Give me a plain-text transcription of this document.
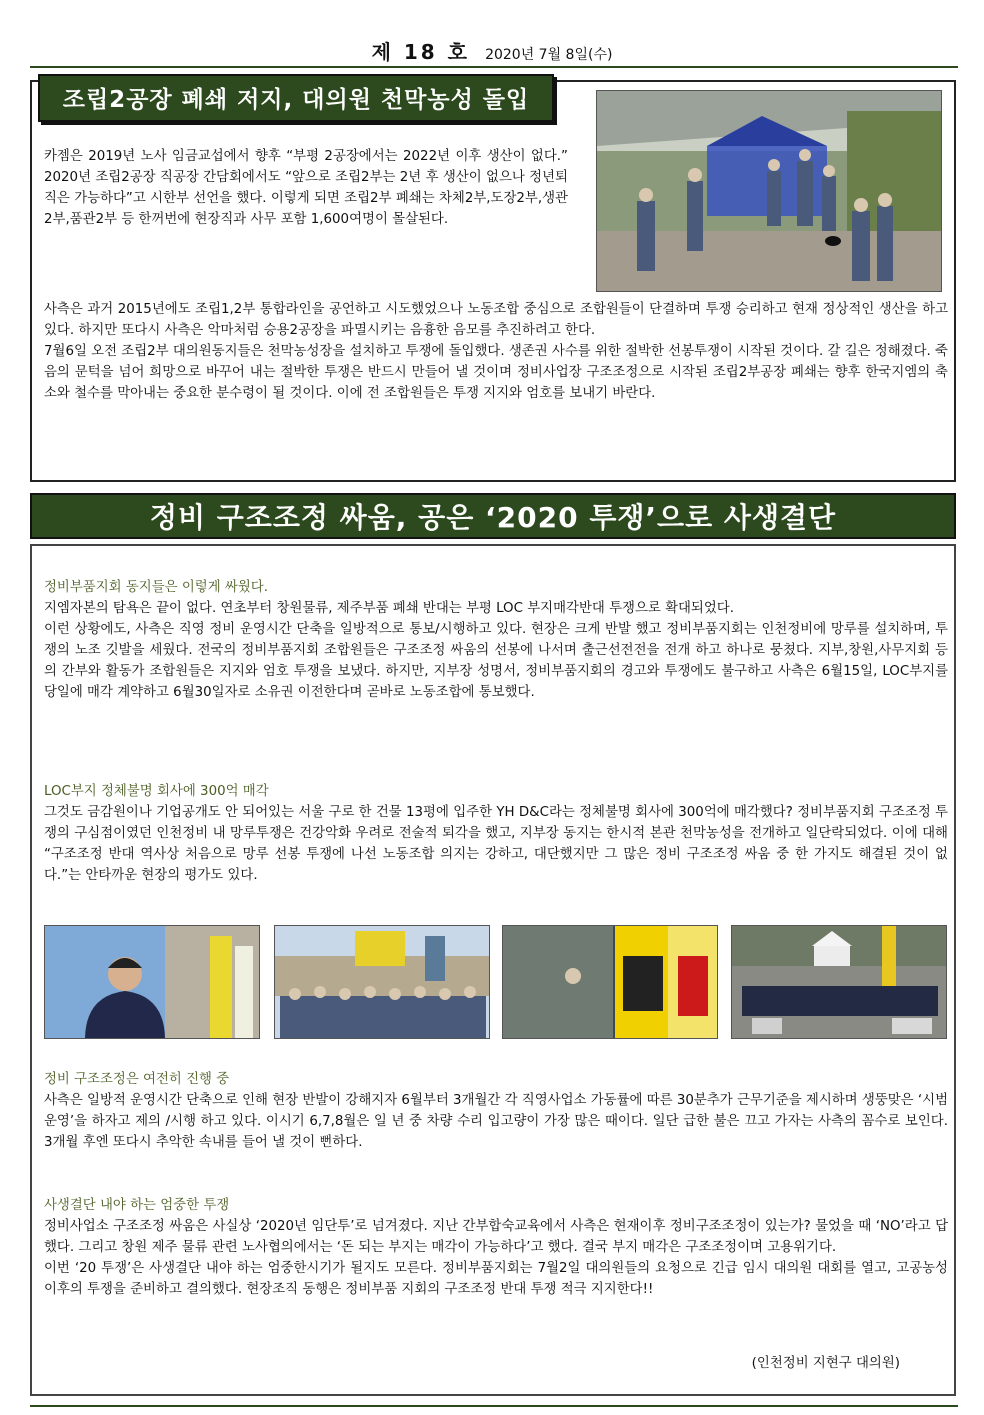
제 18 호 2020년 7월 8일(수)
조립2공장 폐쇄 저지, 대의원 천막농성 돌입
카젬은 2019년 노사 임금교섭에서 향후 “부평 2공장에서는 2022년 이후 생산이 없다.” 2020년 조립2공장 직공장 간담회에서도 “앞으로 조립2부는 2년 후 생산이 없으나 정년퇴직은 가능하다”고 시한부 선언을 했다. 이렇게 되면 조립2부 폐쇄는 차체2부,도장2부,생관2부,품관2부 등 한꺼번에 현장직과 사무 포함 1,600여명이 몰살된다.

사측은 과거 2015년에도 조립1,2부 통합라인을 공언하고 시도했었으나 노동조합 중심으로 조합원들이 단결하며 투쟁 승리하고 현재 정상적인 생산을 하고 있다. 하지만 또다시 사측은 악마처럼 승용2공장을 파멸시키는 음흉한 음모를 추진하려고 한다.

7월6일 오전 조립2부 대의원동지들은 천막농성장을 설치하고 투쟁에 돌입했다. 생존권 사수를 위한 절박한 선봉투쟁이 시작된 것이다. 갈 길은 정해졌다. 죽음의 문턱을 넘어 희망으로 바꾸어 내는 절박한 투쟁은 반드시 만들어 낼 것이며 정비사업장 구조조정으로 시작된 조립2부공장 폐쇄는 향후 한국지엠의 축소와 철수를 막아내는 중요한 분수령이 될 것이다. 이에 전 조합원들은 투쟁 지지와 엄호를 보내기 바란다.

정비 구조조정 싸움, 공은 ‘2020 투쟁’으로 사생결단
정비부품지회 동지들은 이렇게 싸웠다.

지엠자본의 탐욕은 끝이 없다. 연초부터 창원물류, 제주부품 폐쇄 반대는 부평 LOC 부지매각반대 투쟁으로 확대되었다.

이런 상황에도, 사측은 직영 정비 운영시간 단축을 일방적으로 통보/시행하고 있다. 현장은 크게 반발 했고 정비부품지회는 인천정비에 망루를 설치하며, 투쟁의 노조 깃발을 세웠다. 전국의 정비부품지회 조합원들은 구조조정 싸움의 선봉에 나서며 출근선전전을 전개 하고 하나로 뭉쳤다. 지부,창원,사무지회 등의 간부와 활동가 조합원들은 지지와 엄호 투쟁을 보냈다. 하지만, 지부장 성명서, 정비부품지회의 경고와 투쟁에도 불구하고 사측은 6월15일, LOC부지를 당일에 매각 계약하고 6월30일자로 소유권 이전한다며 곧바로 노동조합에 통보했다.

LOC부지 정체불명 회사에 300억 매각

그것도 금감원이나 기업공개도 안 되어있는 서울 구로 한 건물 13평에 입주한 YH D&C라는 정체불명 회사에 300억에 매각했다? 정비부품지회 구조조정 투쟁의 구심점이였던 인천정비 내 망루투쟁은 건강악화 우려로 전술적 퇴각을 했고, 지부장 동지는 한시적 본관 천막농성을 전개하고 일단락되었다. 이에 대해 “구조조정 반대 역사상 처음으로 망루 선봉 투쟁에 나선 노동조합 의지는 강하고, 대단했지만 그 많은 정비 구조조정 싸움 중 한 가지도 해결된 것이 없다.”는 안타까운 현장의 평가도 있다.

정비 구조조정은 여전히 진행 중

사측은 일방적 운영시간 단축으로 인해 현장 반발이 강해지자 6월부터 3개월간 각 직영사업소 가동률에 따른 30분추가 근무기준을 제시하며 생뚱맞은 ‘시범운영’을 하자고 제의 /시행 하고 있다. 이시기 6,7,8월은 일 년 중 차량 수리 입고량이 가장 많은 때이다. 일단 급한 불은 끄고 가자는 사측의 꼼수로 보인다. 3개월 후엔 또다시 추악한 속내를 들어 낼 것이 뻔하다.

사생결단 내야 하는 엄중한 투쟁

정비사업소 구조조정 싸움은 사실상 ‘2020년 임단투’로 넘겨졌다. 지난 간부합숙교육에서 사측은 현재이후 정비구조조정이 있는가? 물었을 때 ‘NO’라고 답했다. 그리고 창원 제주 물류 관련 노사협의에서는 ‘돈 되는 부지는 매각이 가능하다’고 했다. 결국 부지 매각은 구조조정이며 고용위기다.

이번 ‘20 투쟁’은 사생결단 내야 하는 엄중한시기가 될지도 모른다. 정비부품지회는 7월2일 대의원들의 요청으로 긴급 임시 대의원 대회를 열고, 고공농성 이후의 투쟁을 준비하고 결의했다. 현장조직 동행은 정비부품 지회의 구조조정 반대 투쟁 적극 지지한다!!

(인천정비 지현구 대의원)
